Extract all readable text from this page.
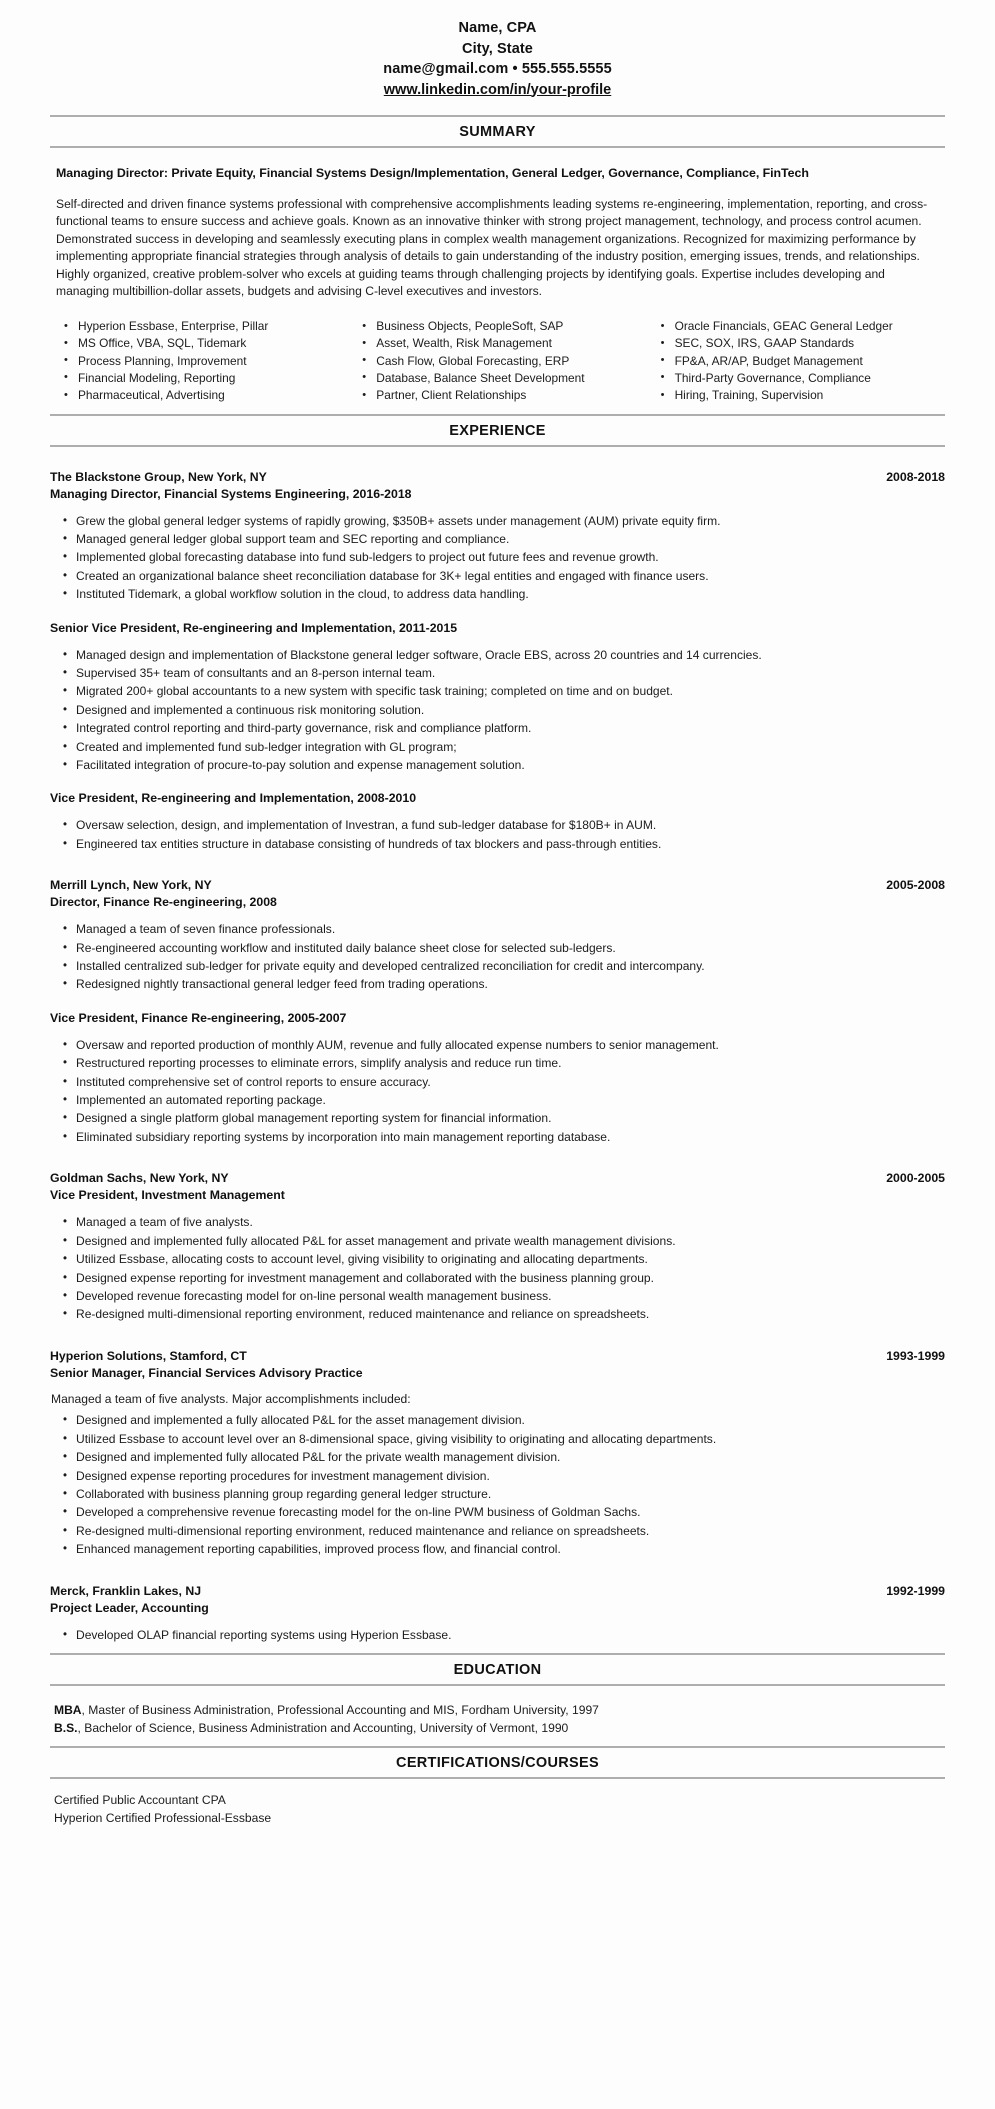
Name, CPA
City, State
name@gmail.com • 555.555.5555
www.linkedin.com/in/your-profile
SUMMARY
Managing Director: Private Equity, Financial Systems Design/Implementation, General Ledger, Governance, Compliance, FinTech
Self-directed and driven finance systems professional with comprehensive accomplishments leading systems re-engineering, implementation, reporting, and cross-functional teams to ensure success and achieve goals. Known as an innovative thinker with strong project management, technology, and process control acumen. Demonstrated success in developing and seamlessly executing plans in complex wealth management organizations. Recognized for maximizing performance by implementing appropriate financial strategies through analysis of details to gain understanding of the industry position, emerging issues, trends, and relationships. Highly organized, creative problem-solver who excels at guiding teams through challenging projects by identifying goals. Expertise includes developing and managing multibillion-dollar assets, budgets and advising C-level executives and investors.
• Hyperion Essbase, Enterprise, Pillar
• MS Office, VBA, SQL, Tidemark
• Process Planning, Improvement
• Financial Modeling, Reporting
• Pharmaceutical, Advertising
• Business Objects, PeopleSoft, SAP
• Asset, Wealth, Risk Management
• Cash Flow, Global Forecasting, ERP
• Database, Balance Sheet Development
• Partner, Client Relationships
• Oracle Financials, GEAC General Ledger
• SEC, SOX, IRS, GAAP Standards
• FP&A, AR/AP, Budget Management
• Third-Party Governance, Compliance
• Hiring, Training, Supervision
EXPERIENCE
The Blackstone Group, New York, NY	2008-2018
Managing Director, Financial Systems Engineering, 2016-2018
• Grew the global general ledger systems of rapidly growing, $350B+ assets under management (AUM) private equity firm.
• Managed general ledger global support team and SEC reporting and compliance.
• Implemented global forecasting database into fund sub-ledgers to project out future fees and revenue growth.
• Created an organizational balance sheet reconciliation database for 3K+ legal entities and engaged with finance users.
• Instituted Tidemark, a global workflow solution in the cloud, to address data handling.
Senior Vice President, Re-engineering and Implementation, 2011-2015
• Managed design and implementation of Blackstone general ledger software, Oracle EBS, across 20 countries and 14 currencies.
• Supervised 35+ team of consultants and an 8-person internal team.
• Migrated 200+ global accountants to a new system with specific task training; completed on time and on budget.
• Designed and implemented a continuous risk monitoring solution.
• Integrated control reporting and third-party governance, risk and compliance platform.
• Created and implemented fund sub-ledger integration with GL program;
• Facilitated integration of procure-to-pay solution and expense management solution.
Vice President, Re-engineering and Implementation, 2008-2010
• Oversaw selection, design, and implementation of Investran, a fund sub-ledger database for $180B+ in AUM.
• Engineered tax entities structure in database consisting of hundreds of tax blockers and pass-through entities.
Merrill Lynch, New York, NY	2005-2008
Director, Finance Re-engineering, 2008
• Managed a team of seven finance professionals.
• Re-engineered accounting workflow and instituted daily balance sheet close for selected sub-ledgers.
• Installed centralized sub-ledger for private equity and developed centralized reconciliation for credit and intercompany.
• Redesigned nightly transactional general ledger feed from trading operations.
Vice President, Finance Re-engineering, 2005-2007
• Oversaw and reported production of monthly AUM, revenue and fully allocated expense numbers to senior management.
• Restructured reporting processes to eliminate errors, simplify analysis and reduce run time.
• Instituted comprehensive set of control reports to ensure accuracy.
• Implemented an automated reporting package.
• Designed a single platform global management reporting system for financial information.
• Eliminated subsidiary reporting systems by incorporation into main management reporting database.
Goldman Sachs, New York, NY	2000-2005
Vice President, Investment Management
• Managed a team of five analysts.
• Designed and implemented fully allocated P&L for asset management and private wealth management divisions.
• Utilized Essbase, allocating costs to account level, giving visibility to originating and allocating departments.
• Designed expense reporting for investment management and collaborated with the business planning group.
• Developed revenue forecasting model for on-line personal wealth management business.
• Re-designed multi-dimensional reporting environment, reduced maintenance and reliance on spreadsheets.
Hyperion Solutions, Stamford, CT	1993-1999
Senior Manager, Financial Services Advisory Practice
Managed a team of five analysts. Major accomplishments included:
• Designed and implemented a fully allocated P&L for the asset management division.
• Utilized Essbase to account level over an 8-dimensional space, giving visibility to originating and allocating departments.
• Designed and implemented fully allocated P&L for the private wealth management division.
• Designed expense reporting procedures for investment management division.
• Collaborated with business planning group regarding general ledger structure.
• Developed a comprehensive revenue forecasting model for the on-line PWM business of Goldman Sachs.
• Re-designed multi-dimensional reporting environment, reduced maintenance and reliance on spreadsheets.
• Enhanced management reporting capabilities, improved process flow, and financial control.
Merck, Franklin Lakes, NJ	1992-1999
Project Leader, Accounting
• Developed OLAP financial reporting systems using Hyperion Essbase.
EDUCATION
MBA, Master of Business Administration, Professional Accounting and MIS, Fordham University, 1997
B.S., Bachelor of Science, Business Administration and Accounting, University of Vermont, 1990
CERTIFICATIONS/COURSES
Certified Public Accountant CPA
Hyperion Certified Professional-Essbase
